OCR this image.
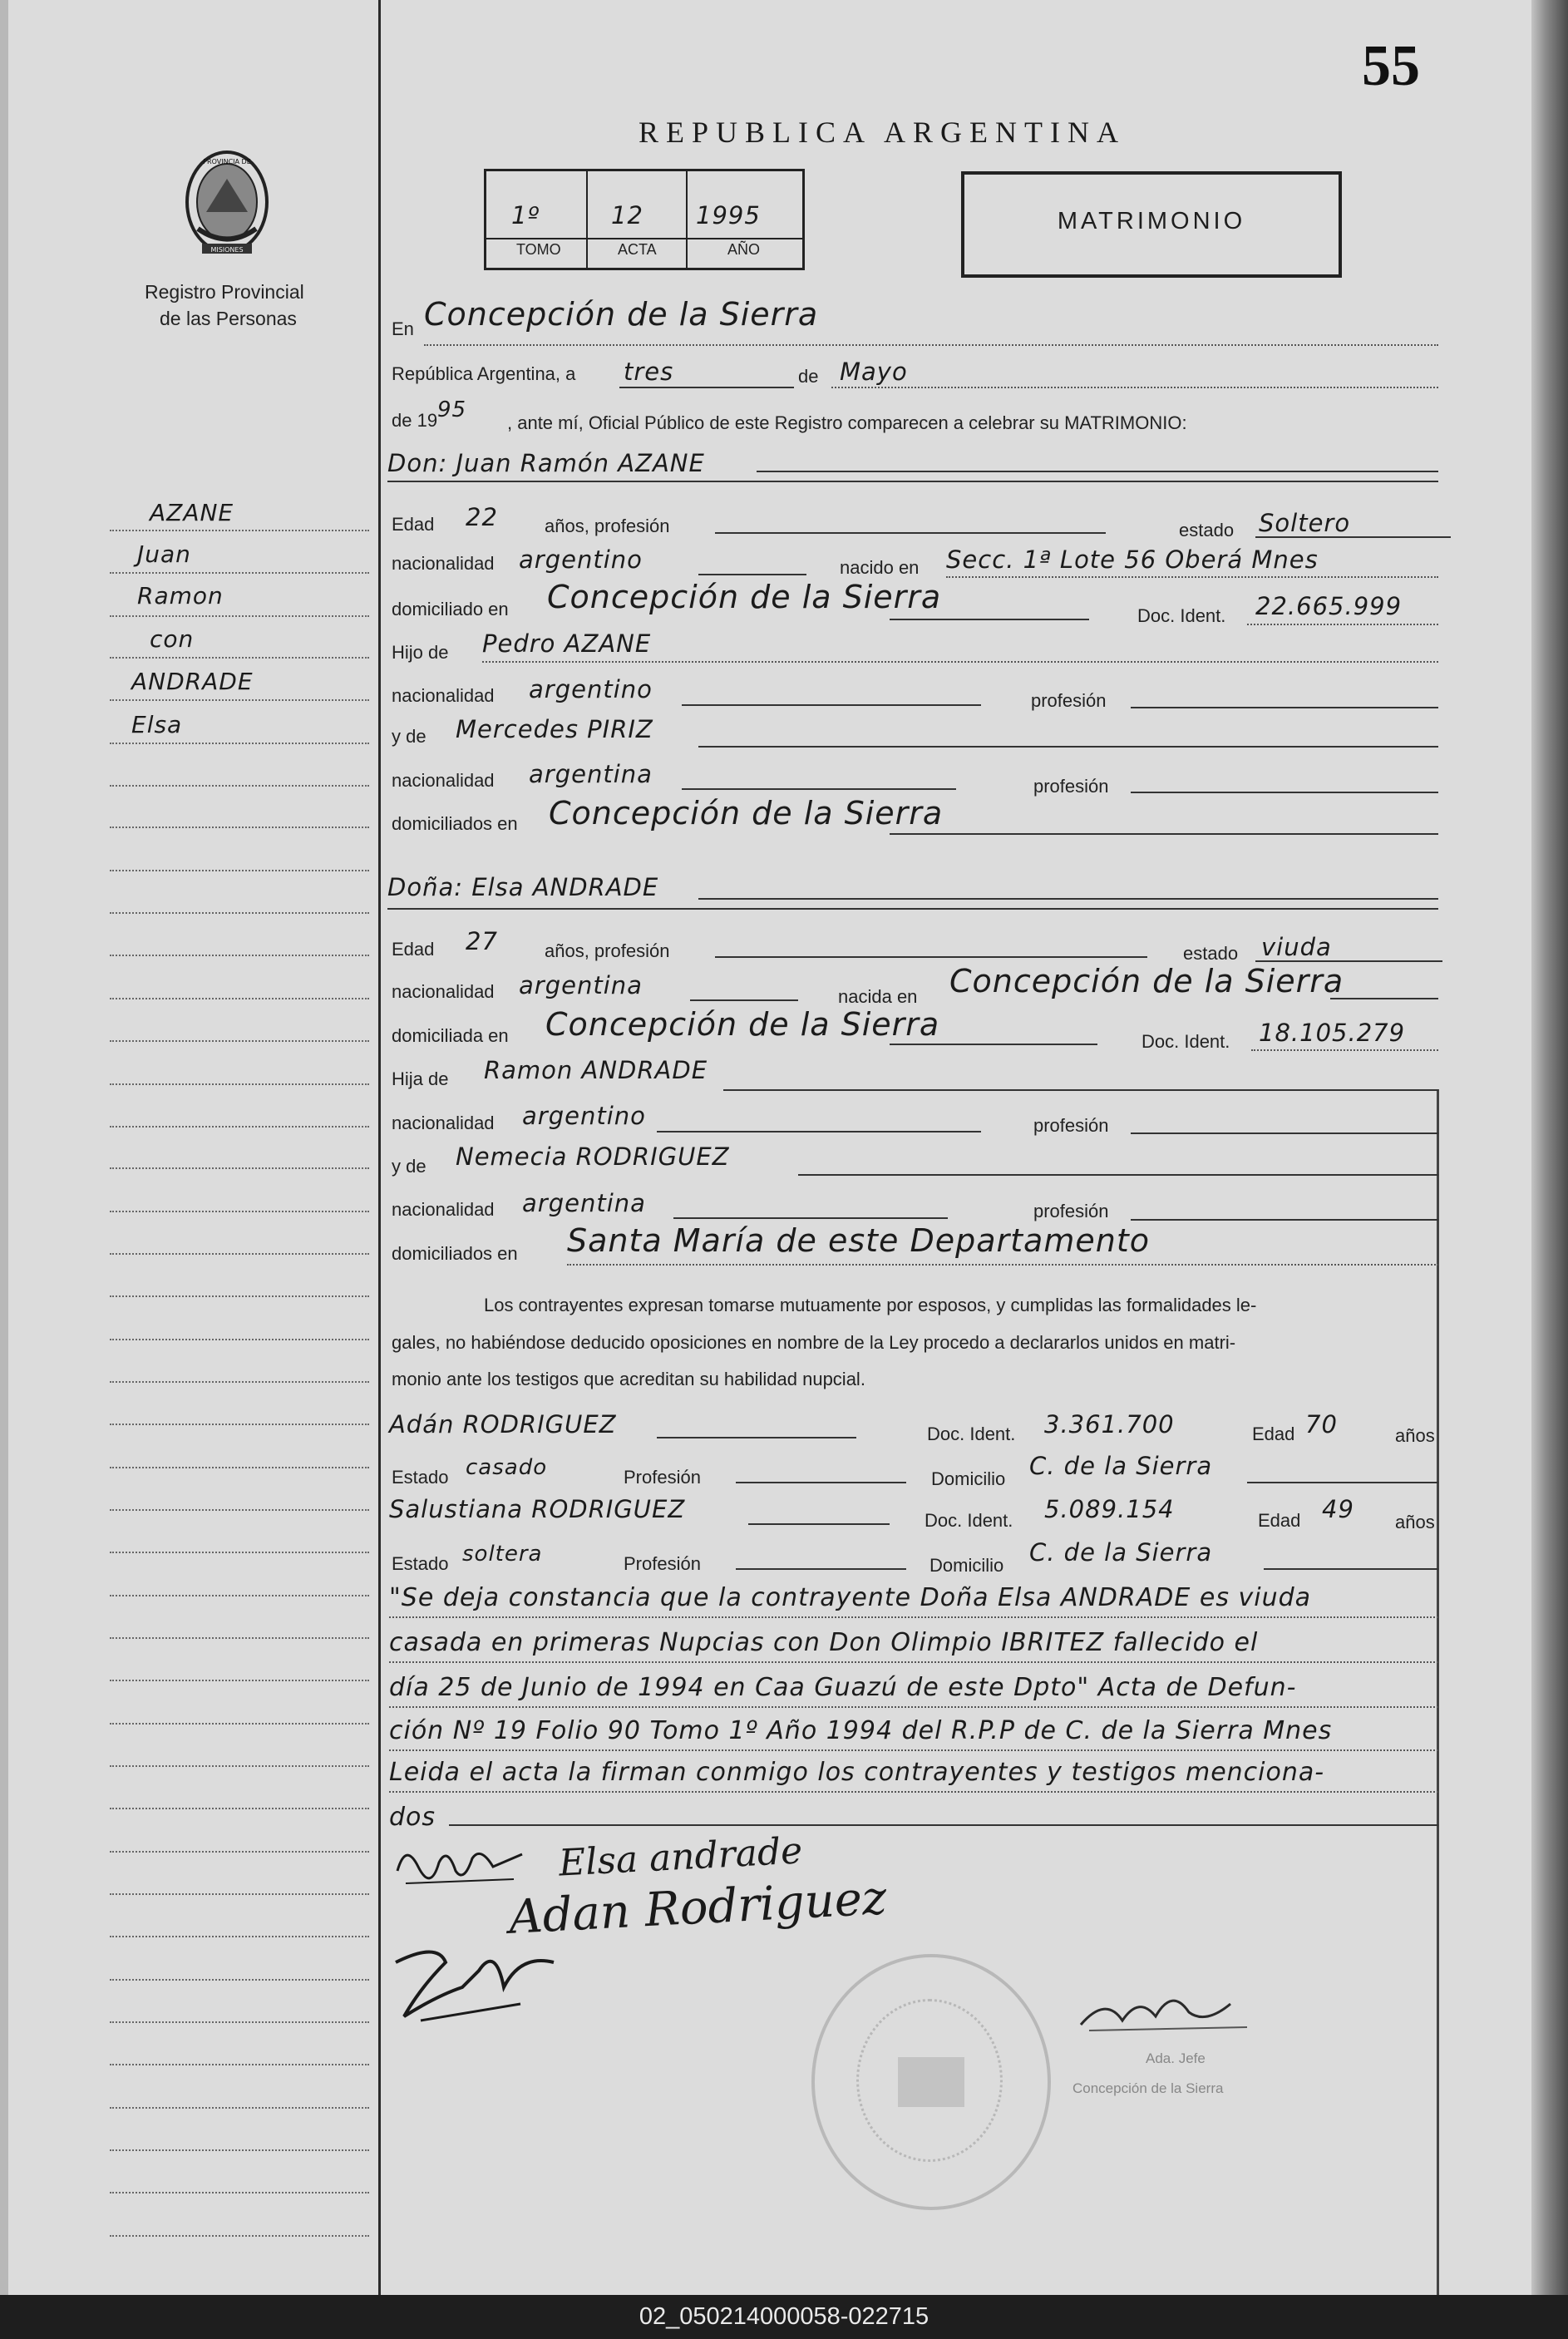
55
REPUBLICA ARGENTINA
PROVINCIA DE
MISIONES
Registro Provincial
de las Personas
1º	12 1995
TOMO	ACTA	AÑO
MATRIMONIO
AZANE
Juan
Ramon
con
ANDRADE
Elsa
En Concepción de la Sierra
República Argentina, a tres	de Mayo
de 19 95
, ante mí, Oficial Público de este Registro comparecen a celebrar su MATRIMONIO:
Don: Juan Ramón AZANE
Edad 22	años, profesión	estado Soltero
nacionalidad argentino	nacido en Secc. 1ª Lote 56 Oberá Mnes
domiciliado en Concepción de la Sierra
Doc. Ident. 22.665.999
Hijo de Pedro AZANE
nacionalidad argentino	profesión
y de Mercedes PIRIZ
nacionalidad argentina	profesión
domiciliados en Concepción de la Sierra
Doña: Elsa ANDRADE
Edad 27	años, profesión	estado viuda
nacionalidad argentina	nacida en Concepción de la Sierra
domiciliada en Concepción de la Sierra	Doc. Ident. 18.105.279
Hija de Ramon ANDRADE
nacionalidad argentino	profesión
y de Nemecia RODRIGUEZ
nacionalidad argentina	profesión
domiciliados en Santa María de este Departamento
Los contrayentes expresan tomarse mutuamente por esposos, y cumplidas las formalidades le-
gales, no habiéndose deducido oposiciones en nombre de la Ley procedo a declararlos unidos en matri-
monio ante los testigos que acreditan su habilidad nupcial.
Adán RODRIGUEZ	Doc. Ident. 3.361.700	Edad 70	años
Estado casado	Profesión	Domicilio C. de la Sierra
Salustiana RODRIGUEZ	Doc. Ident. 5.089.154	Edad 49 años
Estado soltera	Profesión	Domicilio C. de la Sierra
"Se deja constancia que la contrayente Doña Elsa ANDRADE es viuda
casada en primeras Nupcias con Don Olimpio IBRITEZ fallecido el
día 25 de Junio de 1994 en Caa Guazú de este Dpto" Acta de Defun-
ción Nº 19 Folio 90 Tomo 1º Año 1994 del R.P.P de C. de la Sierra Mnes
Leida el acta la firman conmigo los contrayentes y testigos menciona-
dos
Elsa andrade
Adan Rodriguez
Ada. Jefe
Concepción de la Sierra
02_050214000058-022715
